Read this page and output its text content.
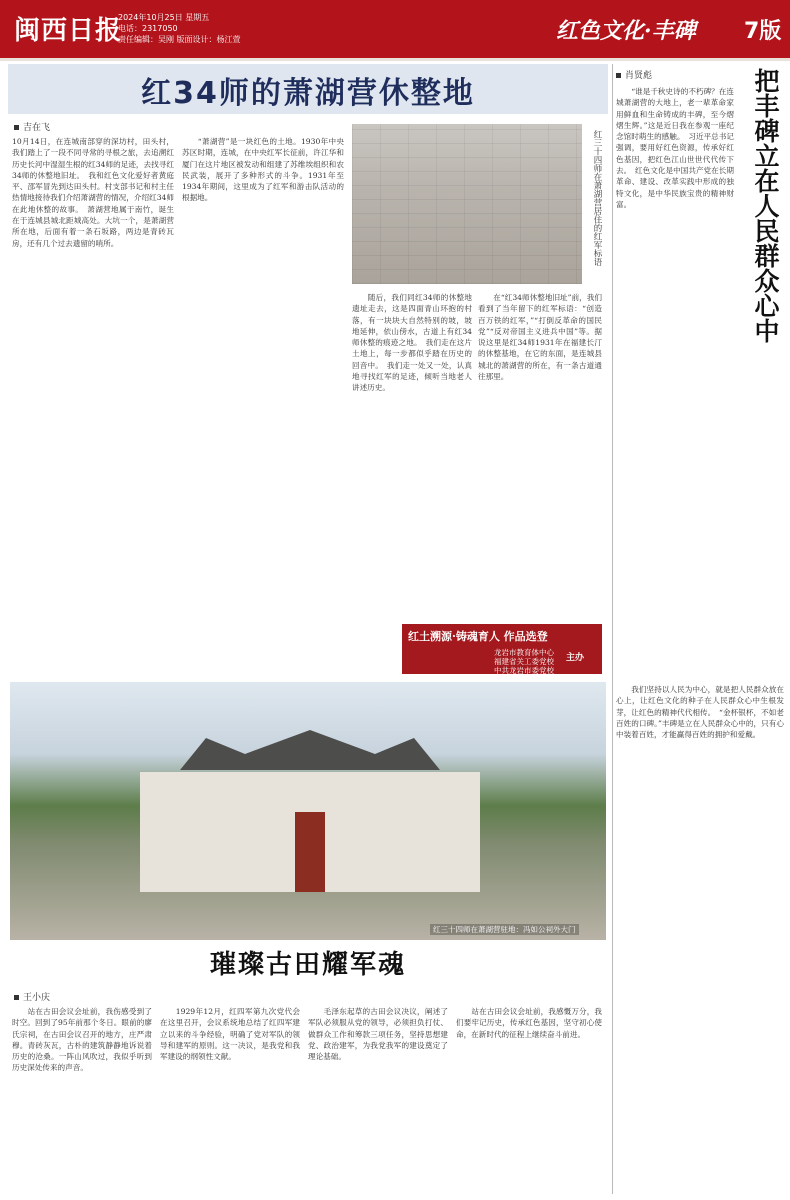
闽西日报
2024年10月25日 星期五
电话：2317050
责任编辑：吴刚 版面设计：杨江萱	红色文化·丰碑 7版
红34师的萧湖营休整地
吉在飞
10月14日，在连城南部穿的深坊村，田头村，我们踏上了一段不同寻常的寻根之旅，去追溯红历史长河中湿湿生根的红34师的足迹，去找寻红34师的休整地旧址。　我和红色文化爱好者黄庭平、邵军冒先到达田头村。村支部书记和村主任热情地接待我们介绍萧湖营的情况，介绍红34师在此地休整的故事。　萧湖营地属于南竹，诞生在于连城县城北距城高处。大坑一个，是萧湖营所在地，后面有着一条石坂路，两边是青砖瓦房，还有几个过去遗留的哨所。
　　“萧湖营”是一块红色的土地。1930年中央苏区时期，连城，在中央红军长征前，许江华和厦门在这片地区被发动和组建了苏维埃组织和农民武装，展开了多种形式的斗争。1931年至1934年期间，这里成为了红军和游击队活动的根据地。	红三十四师在萧湖营居住的红军标语
　　随后，我们同红34师的休整地遗址走去，这是四面青山环抱的村落，有一块块大自然特别的坡，坡地延伸，依山傍水，古道上有红34师休整的痕迹之地。　我们走在这片土地上，每一步都似乎踏在历史的回音中。　我们走一处又一处，认真地寻找红军的足迹，倾听当地老人讲述历史。
　　在“红34师休整地旧址”前，我们看到了当年留下的红军标语：“创造百万铁的红军，”“打倒反革命的国民党”“反对帝国主义进兵中国”等。据说这里是红34师1931年在福建长汀的休整基地，在它的东面，是连城县城北的萧湖营的所在，有一条古道通往那里。
红土溯源·铸魂育人 作品选登
龙岩市教育体中心
福建省关工委党校
中共龙岩市委党校
主办
红三十四师在萧湖营驻地：冯如公祠外大门
璀璨古田耀军魂
王小庆
　　站在古田会议会址前，我伤感受到了时空。回到了95年前那个冬日。眼前的廖氏宗祠，在古田会议召开的地方，庄严肃穆。青砖灰瓦，古朴的建筑静静地诉说着历史的沧桑。一阵山风吹过，我似乎听到历史深处传来的声音。
　　1929年12月，红四军第九次党代会在这里召开，会议系统地总结了红四军建立以来的斗争经验，明确了党对军队的领导和建军的原则。这一决议，是我党和我军建设的纲领性文献。
　　毛泽东起草的古田会议决议，阐述了军队必须服从党的领导，必须担负打仗、做群众工作和筹款三项任务，坚持思想建党、政治建军，为我党我军的建设奠定了理论基础。
　　站在古田会议会址前，我感慨万分，我们要牢记历史，传承红色基因，坚守初心使命，在新时代的征程上继续奋斗前进。
肖贤彪	把丰碑立在人民群众心中
　　“谁是千秋史诗的不朽碑？在连城萧湖营的大地上，老一辈革命家用鲜血和生命铸成的丰碑，至今熠熠生辉。”这是近日我在参观一座纪念馆时萌生的感触。　习近平总书记强调，要用好红色资源，传承好红色基因，把红色江山世世代代传下去。　红色文化是中国共产党在长期革命、建设、改革实践中形成的独特文化，是中华民族宝贵的精神财富。
　　我们坚持以人民为中心，就是把人民群众放在心上，让红色文化的种子在人民群众心中生根发芽，让红色的精神代代相传。　“金杯银杯，不如老百姓的口碑。”丰碑是立在人民群众心中的，只有心中装着百姓，才能赢得百姓的拥护和爱戴。
